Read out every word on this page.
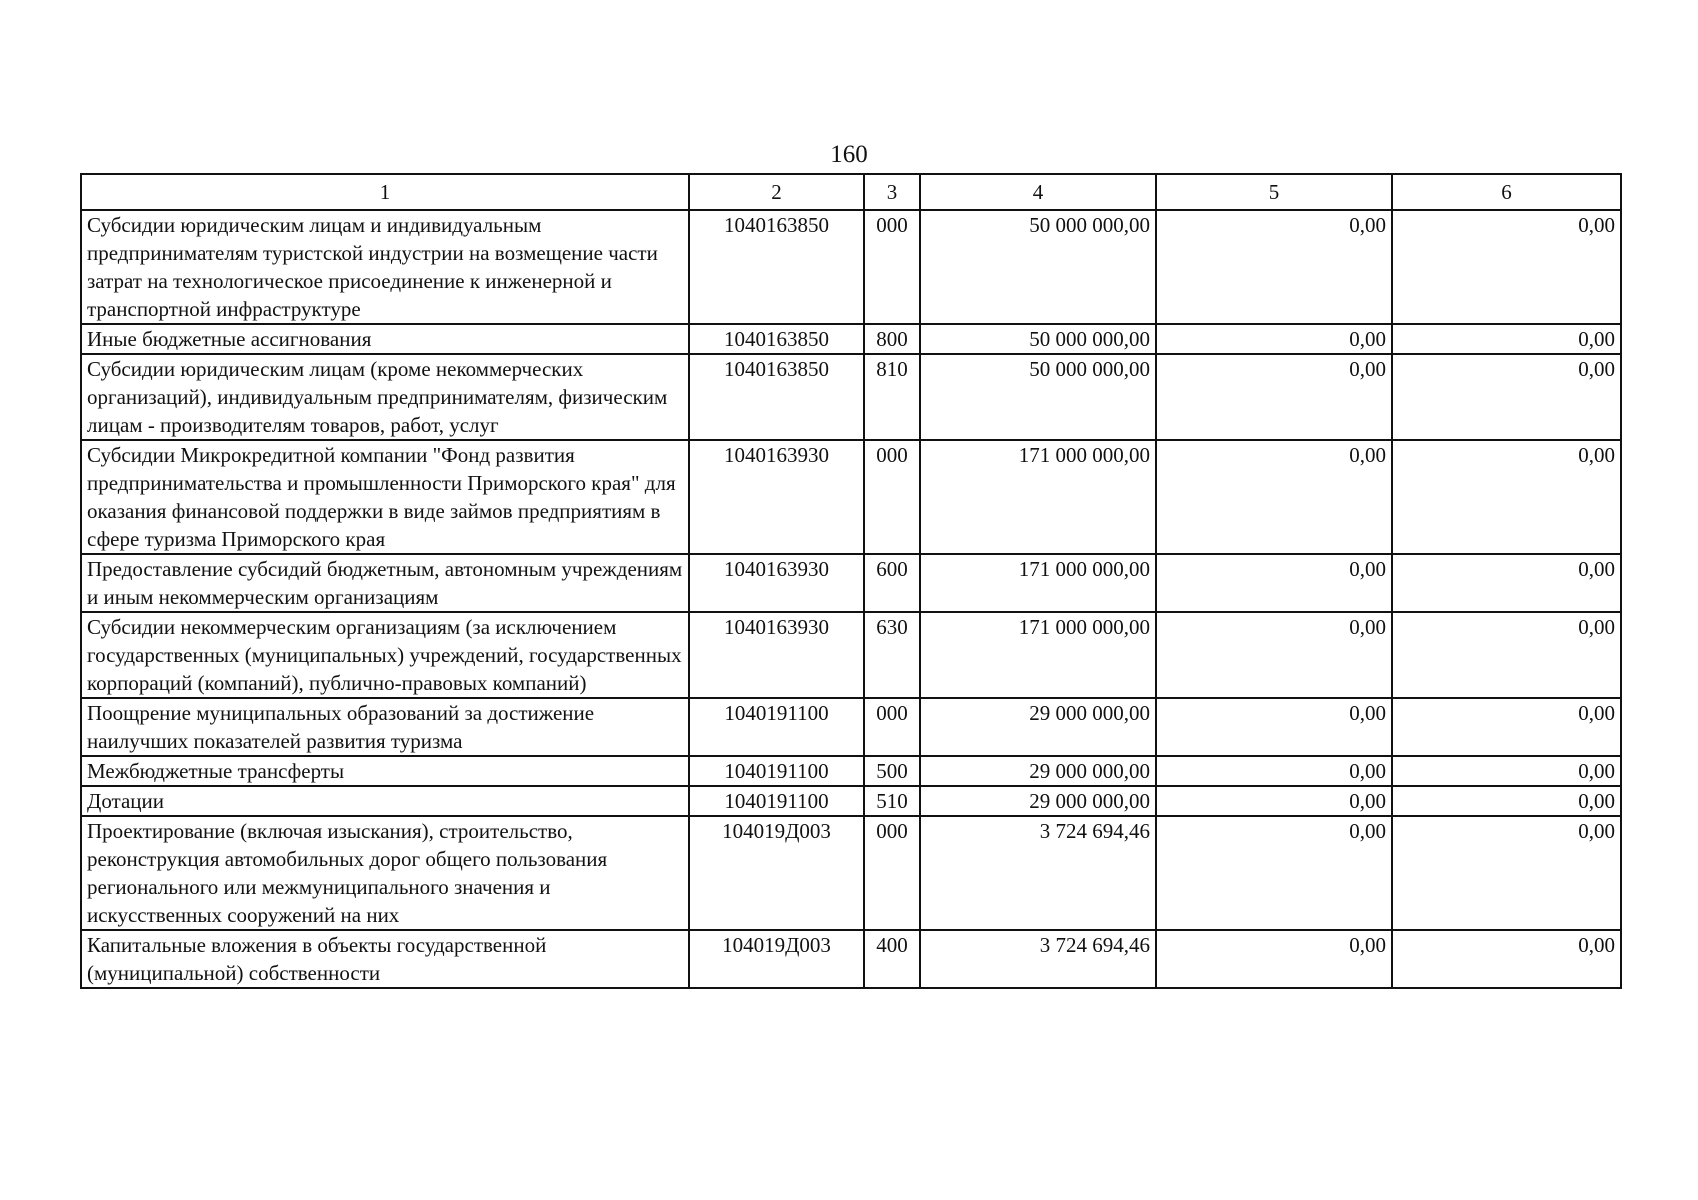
160
1	2	3	4	5	6
Субсидии юридическим лицам и индивидуальным предпринимателям туристской индустрии на возмещение части затрат на технологическое присоединение к инженерной и транспортной инфраструктуре	1040163850	000	50 000 000,00	0,00	0,00
Иные бюджетные ассигнования	1040163850	800	50 000 000,00	0,00	0,00
Субсидии юридическим лицам (кроме некоммерческих организаций), индивидуальным предпринимателям, физическим лицам - производителям товаров, работ, услуг	1040163850	810	50 000 000,00	0,00	0,00
Субсидии Микрокредитной компании "Фонд развития предпринимательства и промышленности Приморского края" для оказания финансовой поддержки в виде займов предприятиям в сфере туризма Приморского края	1040163930	000	171 000 000,00	0,00	0,00
Предоставление субсидий бюджетным, автономным учреждениям и иным некоммерческим организациям	1040163930	600	171 000 000,00	0,00	0,00
Субсидии некоммерческим организациям (за исключением государственных (муниципальных) учреждений, государственных корпораций (компаний), публично-правовых компаний)	1040163930	630	171 000 000,00	0,00	0,00
Поощрение муниципальных образований за достижение наилучших показателей развития туризма	1040191100	000	29 000 000,00	0,00	0,00
Межбюджетные трансферты	1040191100	500	29 000 000,00	0,00	0,00
Дотации	1040191100	510	29 000 000,00	0,00	0,00
Проектирование (включая изыскания), строительство, реконструкция автомобильных дорог общего пользования регионального или межмуниципального значения и искусственных сооружений на них	104019Д003	000	3 724 694,46	0,00	0,00
Капитальные вложения в объекты государственной (муниципальной) собственности	104019Д003	400	3 724 694,46	0,00	0,00
